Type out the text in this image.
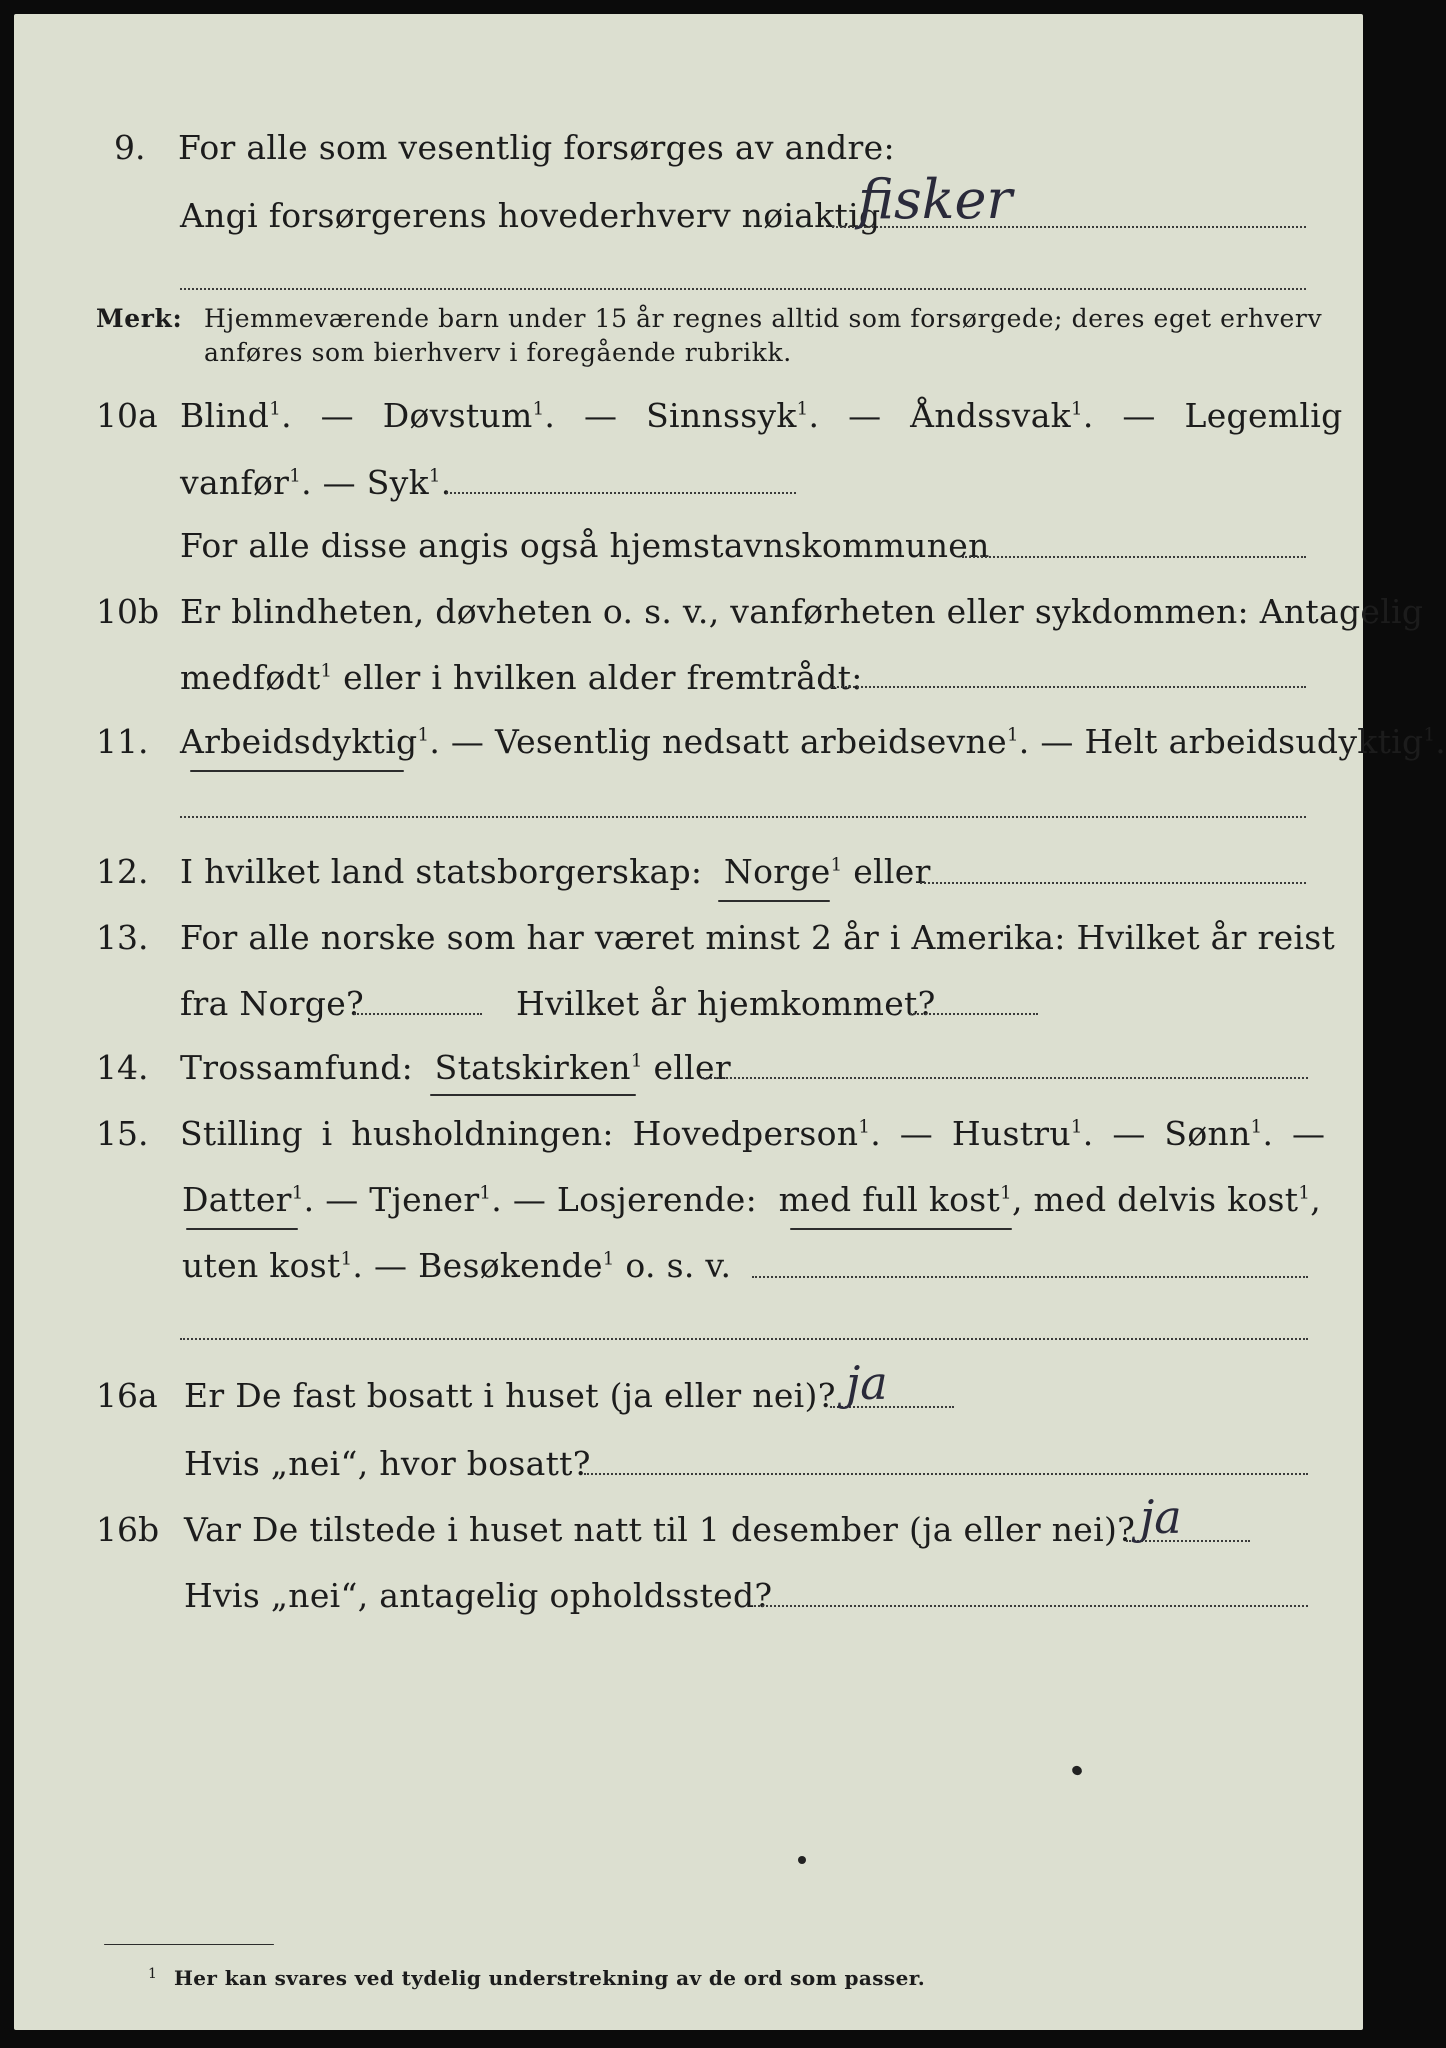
9. For alle som vesentlig forsørges av andre:
Angi forsørgerens hovederhverv nøiaktig
fisker
Merk: Hjemmeværende barn under 15 år regnes alltid som forsørgede; deres eget erhverv
anføres som bierhverv i foregående rubrikk.
10a Blind$^1$. — Døvstum$^1$. — Sinnssyk$^1$. — Åndssvak$^1$. — Legemlig
vanfør$^1$. — Syk$^1$.
For alle disse angis også hjemstavnskommunen
10b Er blindheten, døvheten o. s. v., vanførheten eller sykdommen: Antagelig
medfødt$^1$ eller i hvilken alder fremtrådt:
11. Arbeidsdyktig$^1$. — Vesentlig nedsatt arbeidsevne$^1$. — Helt arbeidsudyktig$^1$.
12. I hvilket land statsborgerskap: Norge$^1$ eller
13. For alle norske som har været minst 2 år i Amerika: Hvilket år reist
fra Norge?	Hvilket år hjemkommet?
14. Trossamfund: Statskirken$^1$ eller
15. Stilling i husholdningen: Hovedperson$^1$. — Hustru$^1$. — Sønn$^1$. —
Datter$^1$. — Tjener$^1$. — Losjerende: med full kost$^1$, med delvis kost$^1$,
uten kost$^1$. — Besøkende$^1$ o. s. v.
16a Er De fast bosatt i huset (ja eller nei)? ja
Hvis „nei“, hvor bosatt?
16b Var De tilstede i huset natt til 1 desember (ja eller nei)? ja
Hvis „nei“, antagelig opholdssted?
1 Her kan svares ved tydelig understrekning av de ord som passer.
